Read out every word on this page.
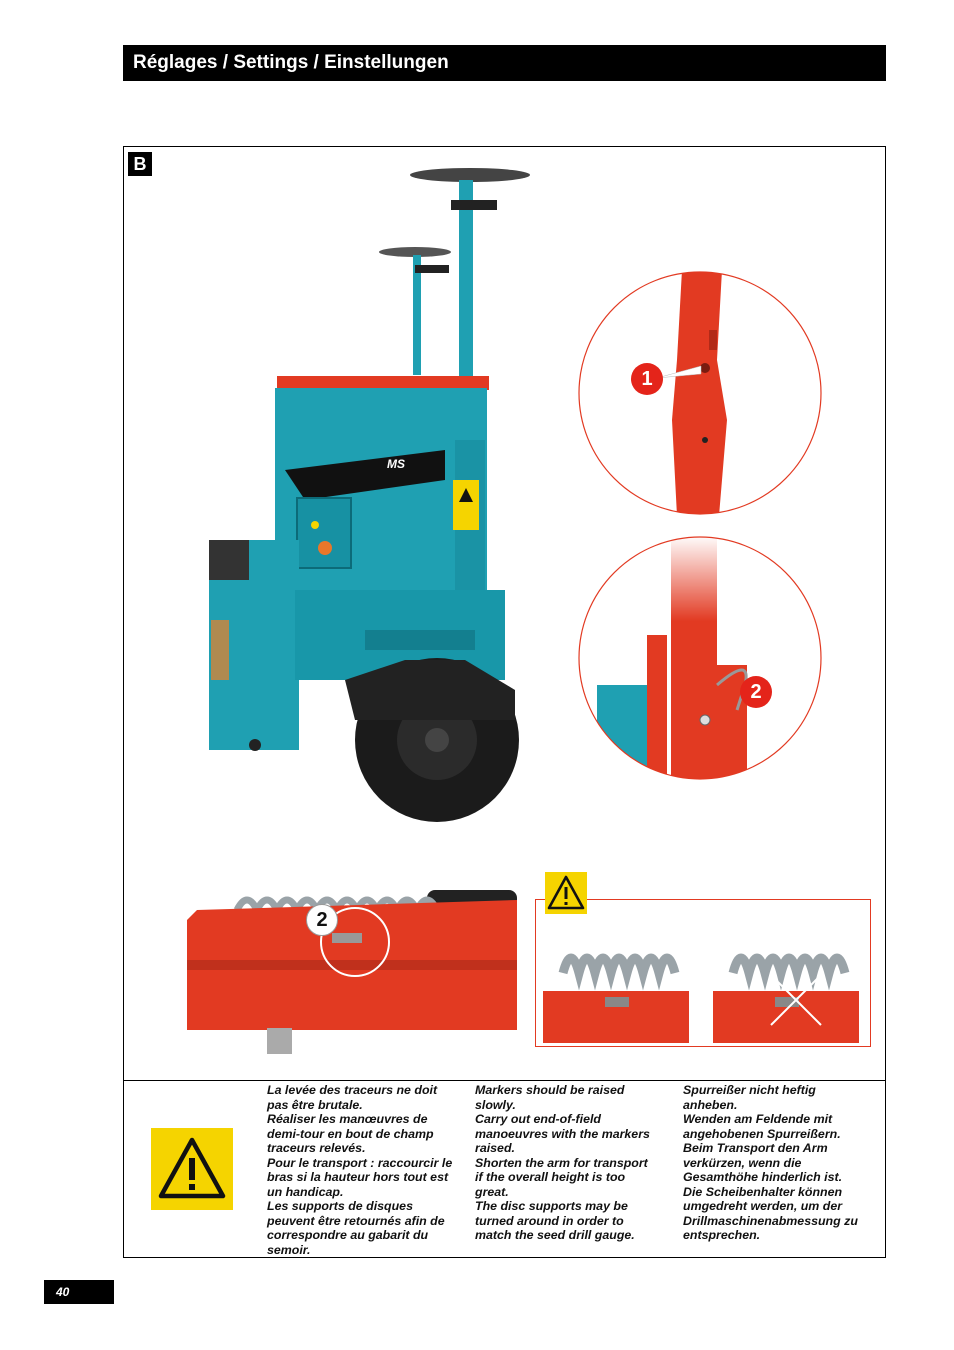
Réglages / Settings / Einstellungen
B
MS
1
2
2

La levée des traceurs ne doit pas être brutale.

Réaliser les manœuvres de demi-tour en bout de champ traceurs relevés.

Pour le transport : raccourcir le bras si la hauteur hors tout est un handicap.

Les supports de disques peuvent être retournés afin de correspondre au gabarit du semoir.

Markers should be raised slowly.

Carry out end-of-field manoeuvres with the markers raised.

Shorten the arm for transport if the overall height is too great.

The disc supports may be turned around in order to match the seed drill gauge.

Spurreißer nicht heftig anheben.

Wenden am Feldende mit angehobenen Spurreißern.

Beim Transport den Arm verkürzen, wenn die Gesamthöhe hinderlich ist.

Die Scheibenhalter können umgedreht werden, um der Drillmaschinenabmessung zu entsprechen.

40
